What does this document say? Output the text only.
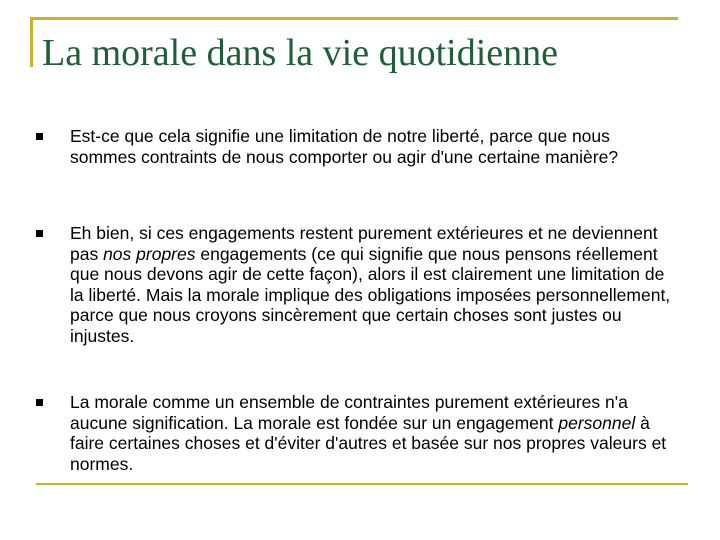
La morale dans la vie quotidienne
Est-ce que cela signifie une limitation de notre liberté, parce que nous sommes contraints de nous comporter ou agir d'une certaine manière?
Eh bien, si ces engagements restent purement extérieures et ne deviennent pas nos propres engagements (ce qui signifie que nous pensons réellement que nous devons agir de cette façon), alors il est clairement une limitation de la liberté. Mais la morale implique des obligations imposées personnellement, parce que nous croyons sincèrement que certain choses sont justes ou injustes.
La morale comme un ensemble de contraintes purement extérieures n'a aucune signification. La morale est fondée sur un engagement personnel à faire certaines choses et d'éviter d'autres et basée sur nos propres valeurs et normes.
